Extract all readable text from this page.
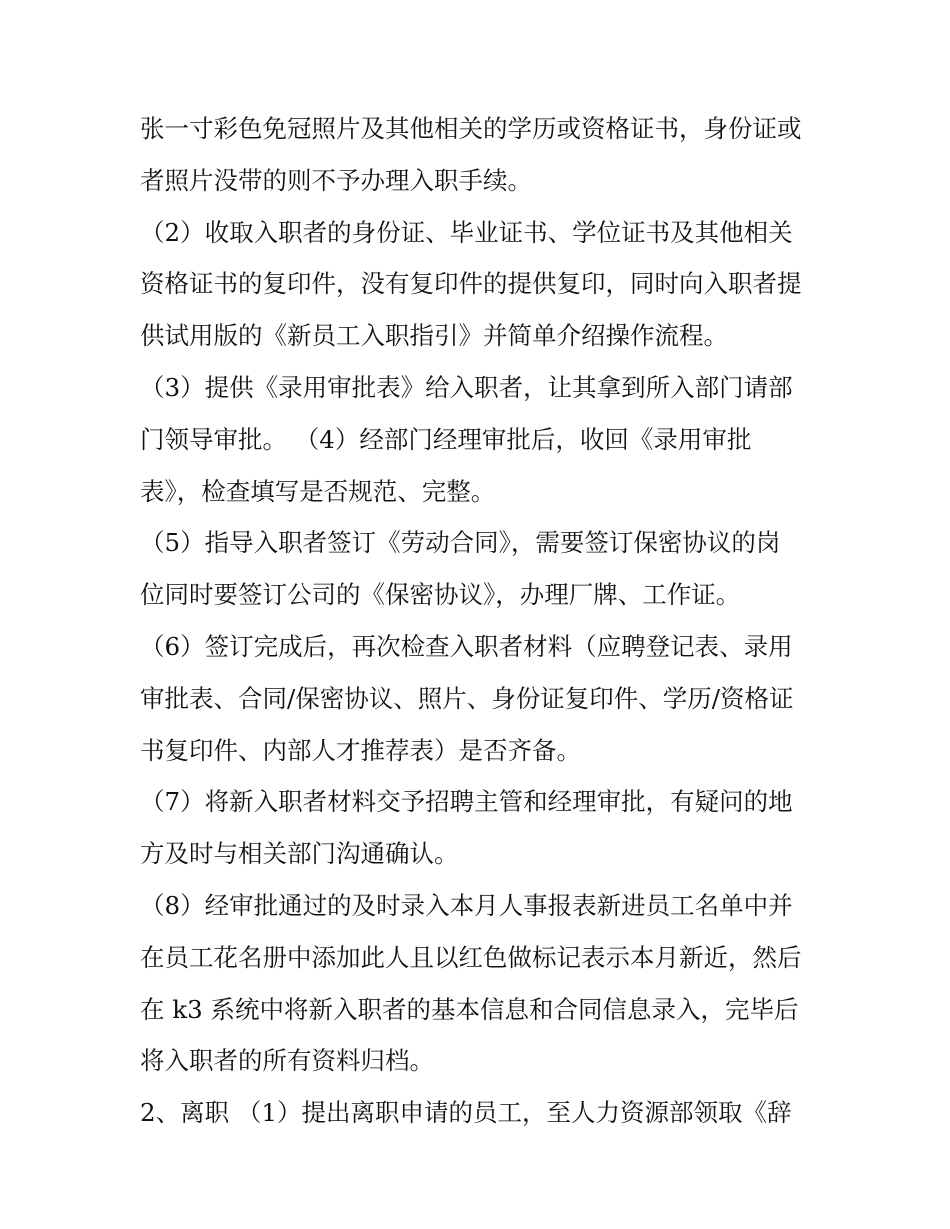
张一寸彩色免冠照片及其他相关的学历或资格证书，身份证或
者照片没带的则不予办理入职手续。
（2）收取入职者的身份证、毕业证书、学位证书及其他相关
资格证书的复印件，没有复印件的提供复印，同时向入职者提
供试用版的《新员工入职指引》并简单介绍操作流程。
（3）提供《录用审批表》给入职者，让其拿到所入部门请部
门领导审批。 （4）经部门经理审批后，收回《录用审批
表》，检查填写是否规范、完整。
（5）指导入职者签订《劳动合同》，需要签订保密协议的岗
位同时要签订公司的《保密协议》，办理厂牌、工作证。
（6）签订完成后，再次检查入职者材料（应聘登记表、录用
审批表、合同/保密协议、照片、身份证复印件、学历/资格证
书复印件、内部人才推荐表）是否齐备。
（7）将新入职者材料交予招聘主管和经理审批，有疑问的地
方及时与相关部门沟通确认。
（8）经审批通过的及时录入本月人事报表新进员工名单中并
在员工花名册中添加此人且以红色做标记表示本月新近，然后
在 k3 系统中将新入职者的基本信息和合同信息录入，完毕后
将入职者的所有资料归档。
2、离职 （1）提出离职申请的员工，至人力资源部领取《辞
